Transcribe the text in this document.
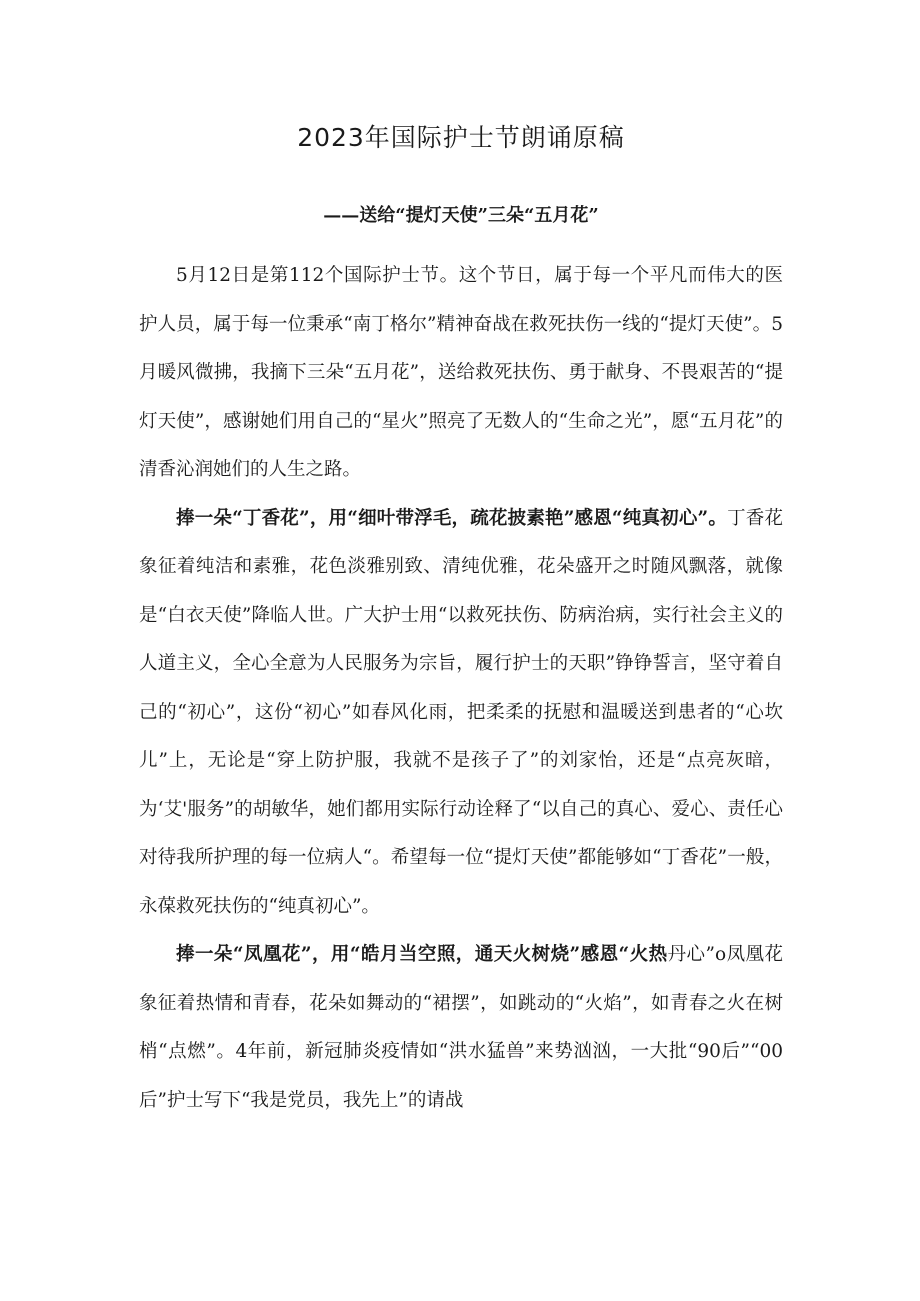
2023年国际护士节朗诵原稿
——送给“提灯天使”三朵“五月花”

5月12日是第112个国际护士节。这个节日，属于每一个平凡而伟大的医护人员，属于每一位秉承“南丁格尔”精神奋战在救死扶伤一线的“提灯天使”。5月暖风微拂，我摘下三朵“五月花”，送给救死扶伤、勇于献身、不畏艰苦的“提灯天使”，感谢她们用自己的“星火”照亮了无数人的“生命之光”，愿“五月花”的清香沁润她们的人生之路。

捧一朵“丁香花”，用“细叶带浮毛，疏花披素艳”感恩“纯真初心”。丁香花象征着纯洁和素雅，花色淡雅别致、清纯优雅，花朵盛开之时随风飘落，就像是“白衣天使”降临人世。广大护士用“以救死扶伤、防病治病，实行社会主义的人道主义，全心全意为人民服务为宗旨，履行护士的天职”铮铮誓言，坚守着自己的“初心”，这份“初心”如春风化雨，把柔柔的抚慰和温暖送到患者的“心坎儿”上，无论是“穿上防护服，我就不是孩子了”的刘家怡，还是“点亮灰暗，为‘艾'服务”的胡敏华，她们都用实际行动诠释了“以自己的真心、爱心、责任心对待我所护理的每一位病人“。希望每一位“提灯天使”都能够如“丁香花”一般，永葆救死扶伤的“纯真初心”。

捧一朵“凤凰花”，用“皓月当空照，通天火树烧”感恩“火热丹心”o凤凰花象征着热情和青春，花朵如舞动的“裙摆”，如跳动的“火焰”，如青春之火在树梢“点燃”。4年前，新冠肺炎疫情如“洪水猛兽”来势汹汹，一大批“90后”“00后”护士写下“我是党员，我先上”的请战
